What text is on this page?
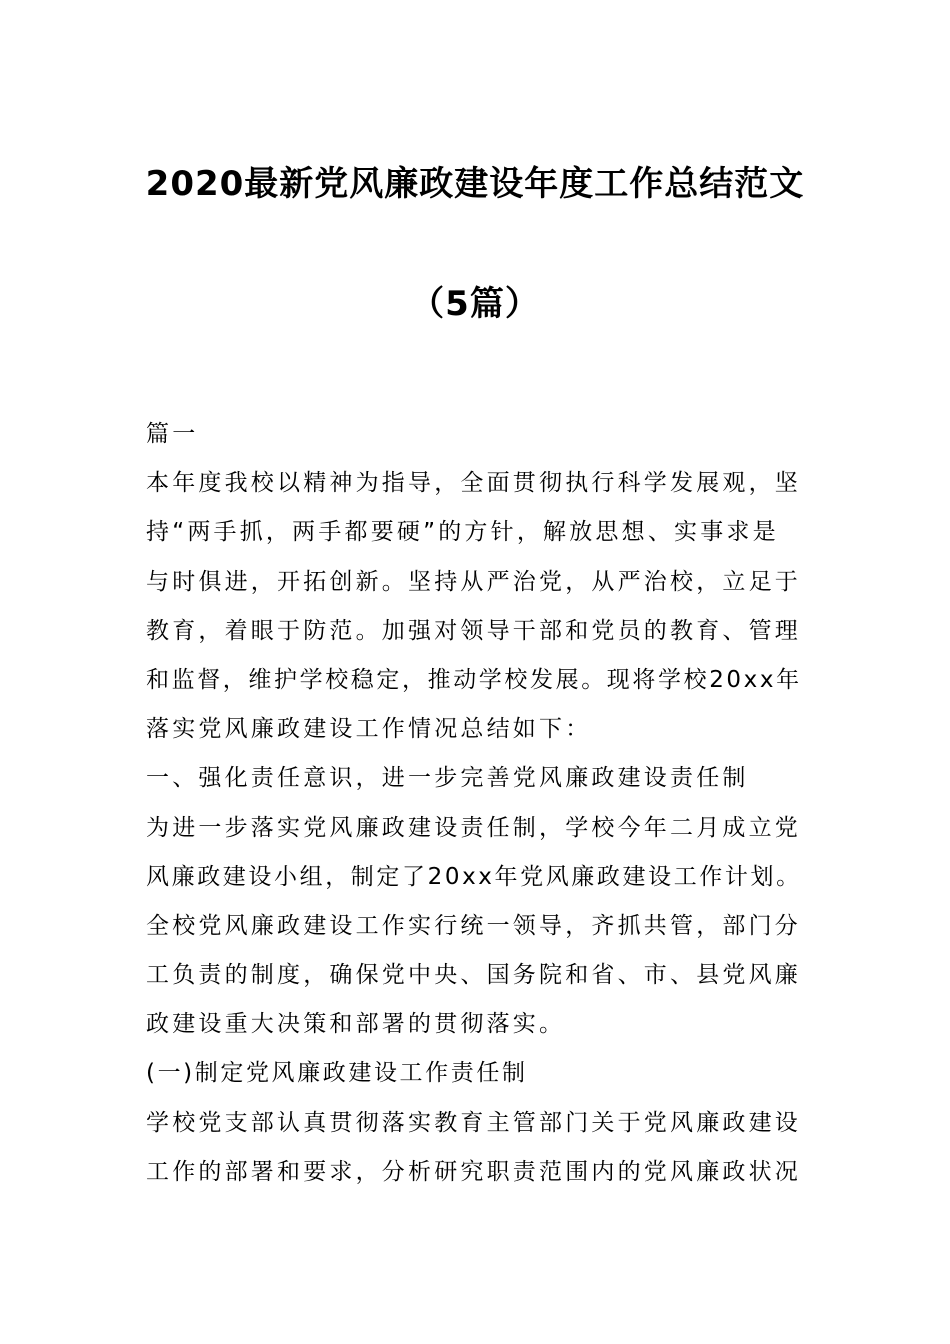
2020最新党风廉政建设年度工作总结范文
（5篇）
篇一
本年度我校以精神为指导，全面贯彻执行科学发展观，坚
持“两手抓，两手都要硬”的方针，解放思想、实事求是
与时俱进，开拓创新。坚持从严治党，从严治校，立足于
教育，着眼于防范。加强对领导干部和党员的教育、管理
和监督，维护学校稳定，推动学校发展。现将学校20xx年
落实党风廉政建设工作情况总结如下：
一、强化责任意识，进一步完善党风廉政建设责任制
为进一步落实党风廉政建设责任制，学校今年二月成立党
风廉政建设小组，制定了20xx年党风廉政建设工作计划。
全校党风廉政建设工作实行统一领导，齐抓共管，部门分
工负责的制度，确保党中央、国务院和省、市、县党风廉
政建设重大决策和部署的贯彻落实。
(一)制定党风廉政建设工作责任制
学校党支部认真贯彻落实教育主管部门关于党风廉政建设
工作的部署和要求，分析研究职责范围内的党风廉政状况
